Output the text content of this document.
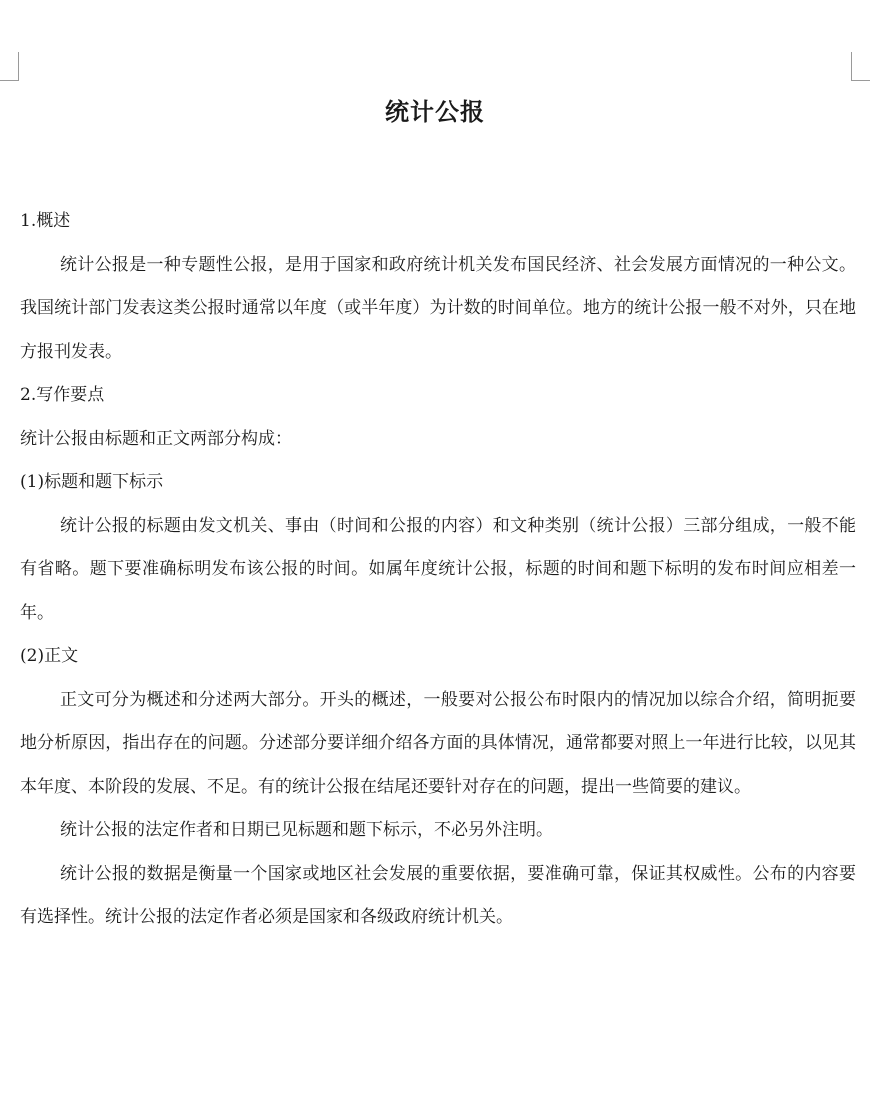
统计公报

1.概述

统计公报是一种专题性公报，是用于国家和政府统计机关发布国民经济、社会发展方面情况的一种公文。我国统计部门发表这类公报时通常以年度（或半年度）为计数的时间单位。地方的统计公报一般不对外，只在地方报刊发表。

2.写作要点

统计公报由标题和正文两部分构成：

(1)标题和题下标示

统计公报的标题由发文机关、事由（时间和公报的内容）和文种类别（统计公报）三部分组成，一般不能有省略。题下要准确标明发布该公报的时间。如属年度统计公报，标题的时间和题下标明的发布时间应相差一年。

(2)正文

正文可分为概述和分述两大部分。开头的概述，一般要对公报公布时限内的情况加以综合介绍，简明扼要地分析原因，指出存在的问题。分述部分要详细介绍各方面的具体情况，通常都要对照上一年进行比较，以见其本年度、本阶段的发展、不足。有的统计公报在结尾还要针对存在的问题，提出一些简要的建议。

统计公报的法定作者和日期已见标题和题下标示，不必另外注明。

统计公报的数据是衡量一个国家或地区社会发展的重要依据，要准确可靠，保证其权威性。公布的内容要有选择性。统计公报的法定作者必须是国家和各级政府统计机关。
